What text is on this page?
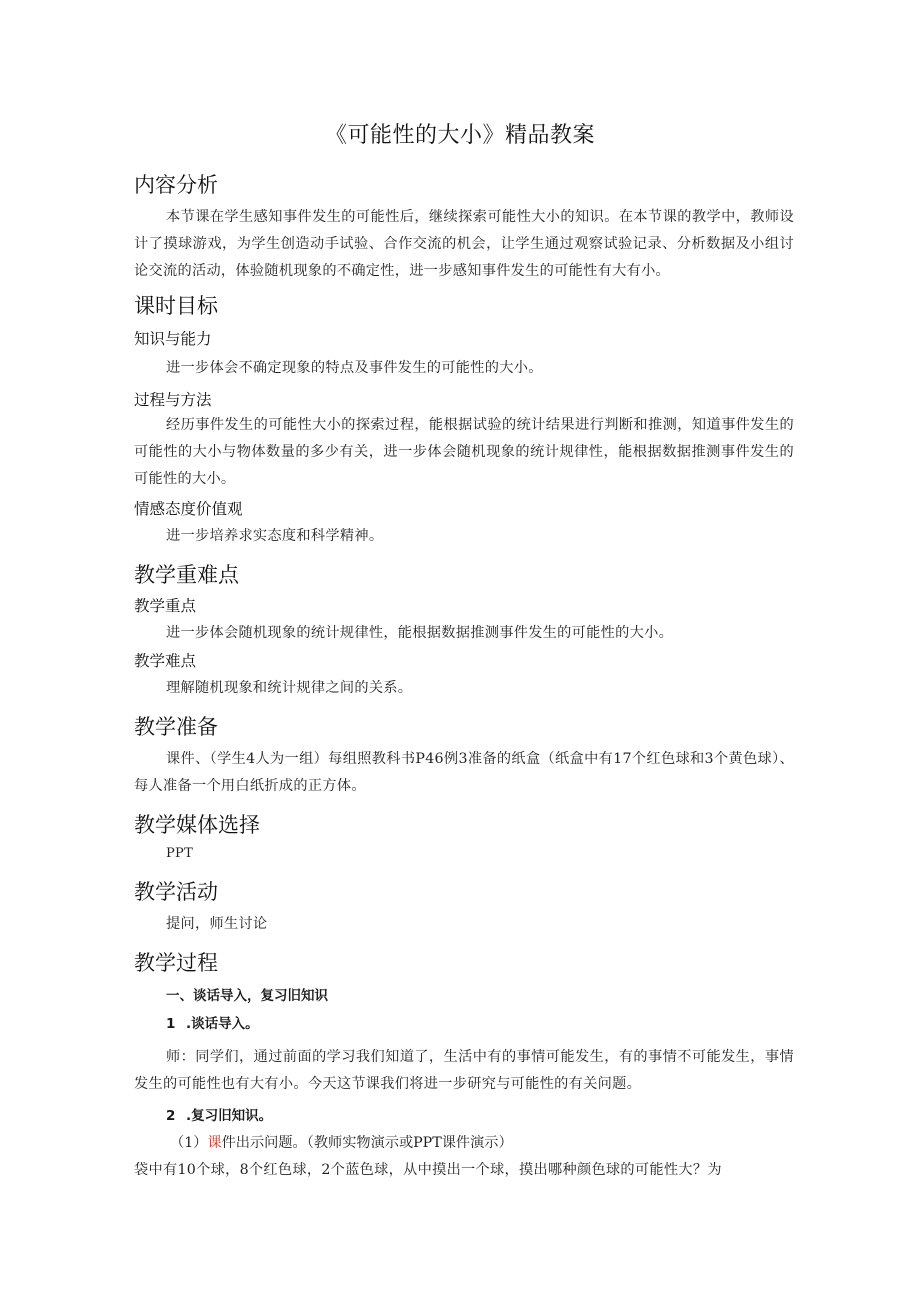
《可能性的大小》精品教案
内容分析
本节课在学生感知事件发生的可能性后，继续探索可能性大小的知识。在本节课的教学中，教师设计了摸球游戏，为学生创造动手试验、合作交流的机会，让学生通过观察试验记录、分析数据及小组讨论交流的活动，体验随机现象的不确定性，进一步感知事件发生的可能性有大有小。
课时目标
知识与能力
进一步体会不确定现象的特点及事件发生的可能性的大小。
过程与方法
经历事件发生的可能性大小的探索过程，能根据试验的统计结果进行判断和推测，知道事件发生的可能性的大小与物体数量的多少有关，进一步体会随机现象的统计规律性，能根据数据推测事件发生的可能性的大小。
情感态度价值观
进一步培养求实态度和科学精神。
教学重难点
教学重点
进一步体会随机现象的统计规律性，能根据数据推测事件发生的可能性的大小。
教学难点
理解随机现象和统计规律之间的关系。
教学准备
课件、（学生4人为一组）每组照教科书P46例3准备的纸盒（纸盒中有17个红色球和3个黄色球）、每人准备一个用白纸折成的正方体。
教学媒体选择
PPT
教学活动
提问，师生讨论
教学过程
一、谈话导入，复习旧知识
1 .谈话导入。
师：同学们，通过前面的学习我们知道了，生活中有的事情可能发生，有的事情不可能发生，事情发生的可能性也有大有小。今天这节课我们将进一步研究与可能性的有关问题。
2 .复习旧知识。
（1）课件出示问题。（教师实物演示或PPT课件演示）
袋中有10个球，8个红色球，2个蓝色球，从中摸出一个球，摸出哪种颜色球的可能性大？为
